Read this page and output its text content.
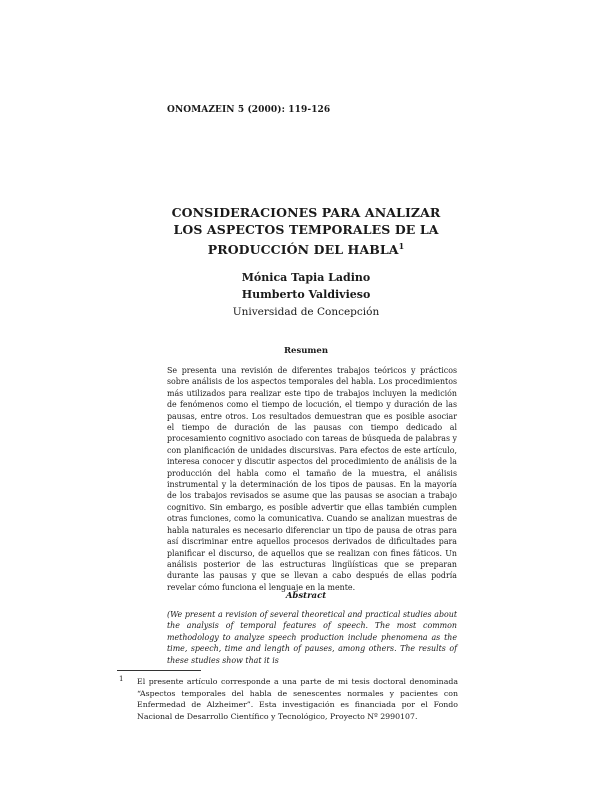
ONOMAZEIN 5 (2000): 119-126
CONSIDERACIONES PARA ANALIZAR
LOS ASPECTOS TEMPORALES DE LA
PRODUCCIÓN DEL HABLA$^1$
Mónica Tapia Ladino
Humberto Valdivieso
Universidad de Concepción
Resumen

Se presenta una revisión de diferentes trabajos teóricos y prácticos sobre análisis de los aspectos temporales del habla. Los procedimientos más utilizados para realizar este tipo de trabajos incluyen la medición de fenómenos como el tiempo de locución, el tiempo y duración de las pausas, entre otros. Los resultados demuestran que es posible asociar el tiempo de duración de las pausas con tiempo dedicado al procesamiento cognitivo asociado con tareas de búsqueda de palabras y con planificación de unidades discursivas. Para efectos de este artículo, interesa conocer y discutir aspectos del procedimiento de análisis de la producción del habla como el tamaño de la muestra, el análisis instrumental y la determinación de los tipos de pausas. En la mayoría de los trabajos revisados se asume que las pausas se asocian a trabajo cognitivo. Sin embargo, es posible advertir que ellas también cumplen otras funciones, como la comunicativa. Cuando se analizan muestras de habla naturales es necesario diferenciar un tipo de pausa de otras para así discriminar entre aquellos procesos derivados de dificultades para planificar el discurso, de aquellos que se realizan con fines fáticos. Un análisis posterior de las estructuras lingüísticas que se preparan durante las pausas y que se llevan a cabo después de ellas podría revelar cómo funciona el lenguaje en la mente.

Abstract

(We present a revision of several theoretical and practical studies about the analysis of temporal features of speech. The most common methodology to analyze speech production include phenomena as the time, speech, time and length of pauses, among others. The results of these studies show that it is

1 El presente artículo corresponde a una parte de mi tesis doctoral denominada “Aspectos temporales del habla de senescentes normales y pacientes con Enfermedad de Alzheimer”. Esta investigación es financiada por el Fondo Nacional de Desarrollo Científico y Tecnológico, Proyecto Nº 2990107.
